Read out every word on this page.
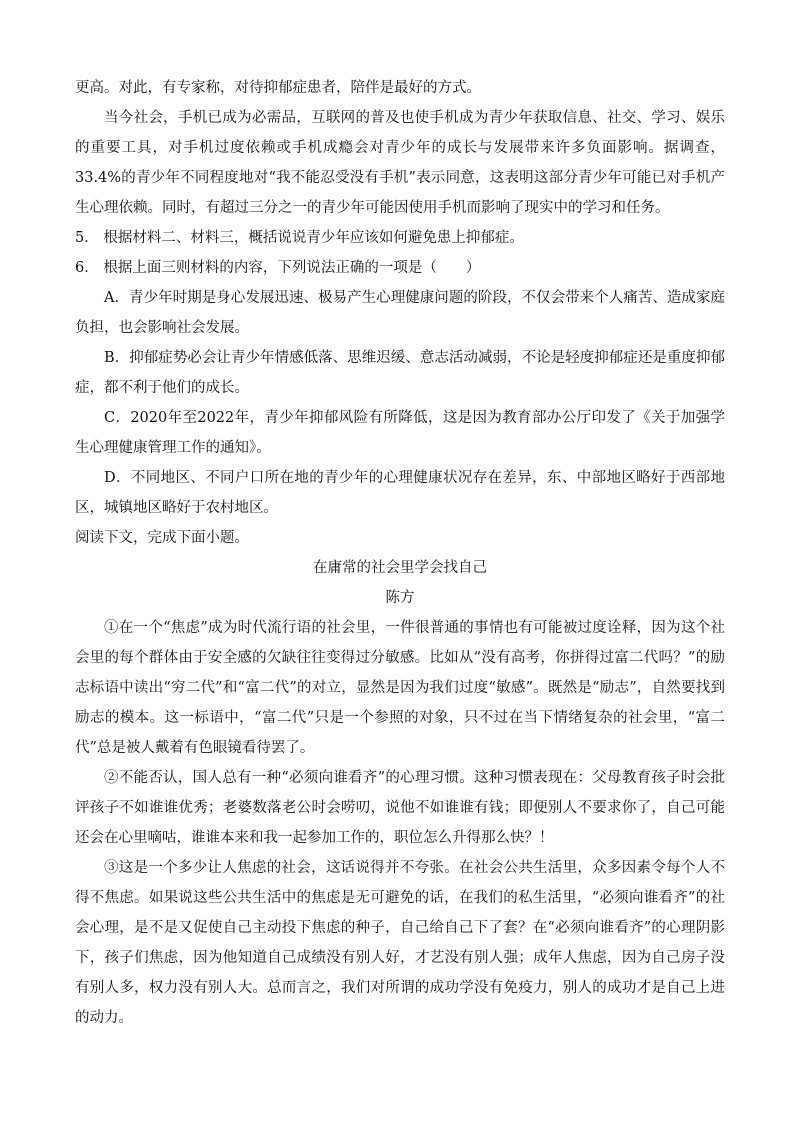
更高。对此，有专家称，对待抑郁症患者，陪伴是最好的方式。

当今社会，手机已成为必需品，互联网的普及也使手机成为青少年获取信息、社交、学习、娱乐的重要工具，对手机过度依赖或手机成瘾会对青少年的成长与发展带来许多负面影响。据调查，33.4%的青少年不同程度地对“我不能忍受没有手机”表示同意，这表明这部分青少年可能已对手机产生心理依赖。同时，有超过三分之一的青少年可能因使用手机而影响了现实中的学习和任务。

5． 根据材料二、材料三，概括说说青少年应该如何避免患上抑郁症。

6． 根据上面三则材料的内容，下列说法正确的一项是（　　）

A．青少年时期是身心发展迅速、极易产生心理健康问题的阶段，不仅会带来个人痛苦、造成家庭负担，也会影响社会发展。

B．抑郁症势必会让青少年情感低落、思维迟缓、意志活动减弱，不论是轻度抑郁症还是重度抑郁症，都不利于他们的成长。

C．2020年至2022年，青少年抑郁风险有所降低，这是因为教育部办公厅印发了《关于加强学生心理健康管理工作的通知》。

D．不同地区、不同户口所在地的青少年的心理健康状况存在差异，东、中部地区略好于西部地区，城镇地区略好于农村地区。

阅读下文，完成下面小题。

在庸常的社会里学会找自己

陈方

①在一个“焦虑”成为时代流行语的社会里，一件很普通的事情也有可能被过度诠释，因为这个社会里的每个群体由于安全感的欠缺往往变得过分敏感。比如从“没有高考，你拼得过富二代吗？”的励志标语中读出“穷二代”和“富二代”的对立，显然是因为我们过度“敏感”。既然是“励志”，自然要找到励志的模本。这一标语中，“富二代”只是一个参照的对象，只不过在当下情绪复杂的社会里，“富二代”总是被人戴着有色眼镜看待罢了。

②不能否认，国人总有一种“必须向谁看齐”的心理习惯。这种习惯表现在：父母教育孩子时会批评孩子不如谁谁优秀；老婆数落老公时会唠叨，说他不如谁谁有钱；即便别人不要求你了，自己可能还会在心里嘀咕，谁谁本来和我一起参加工作的，职位怎么升得那么快？！

③这是一个多少让人焦虑的社会，这话说得并不夸张。在社会公共生活里，众多因素令每个人不得不焦虑。如果说这些公共生活中的焦虑是无可避免的话，在我们的私生活里，“必须向谁看齐”的社会心理，是不是又促使自己主动投下焦虑的种子，自己给自己下了套？在“必须向谁看齐”的心理阴影下，孩子们焦虑，因为他知道自己成绩没有别人好，才艺没有别人强；成年人焦虑，因为自己房子没有别人多，权力没有别人大。总而言之，我们对所谓的成功学没有免疫力，别人的成功才是自己上进的动力。
